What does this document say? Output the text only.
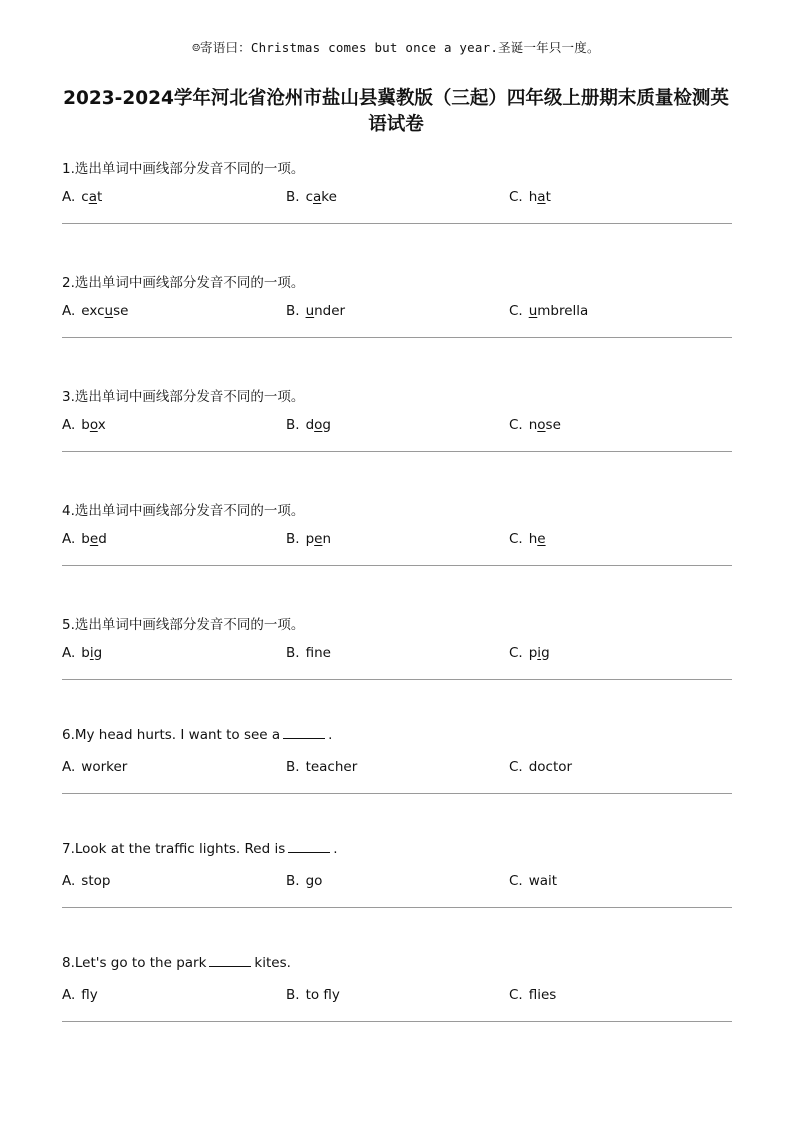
☺寄语曰：Christmas comes but once a year.圣诞一年只一度。
2023-2024学年河北省沧州市盐山县冀教版（三起）四年级上册期末质量检测英
语试卷
1.选出单词中画线部分发音不同的一项。
A. cat	B. cake	C. hat
2.选出单词中画线部分发音不同的一项。
A. excuse	B. under	C. umbrella
3.选出单词中画线部分发音不同的一项。
A. box	B. dog	C. nose
4.选出单词中画线部分发音不同的一项。
A. bed	B. pen	C. he
5.选出单词中画线部分发音不同的一项。
A. big	B. fne	C. pig
6.My head hurts. I want to see a	.
A. worker	B. teacher	C. doctor
7.Look at the traffic lights. Red is	.
A. stop	B. go	C. wait
8.Let's go to the park	kites.
A. fly	B. to fly	C. flies
